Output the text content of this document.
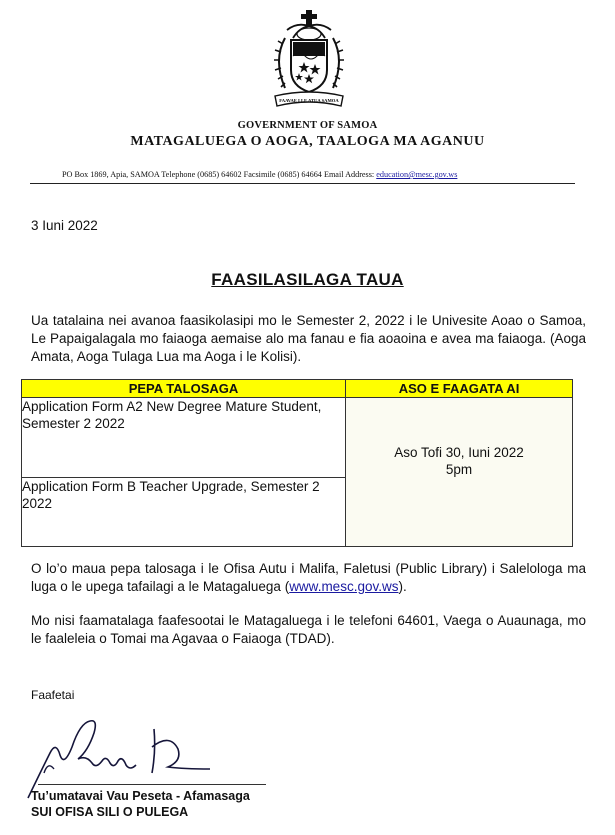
FAAVAE I LE ATUA SAMOA
GOVERNMENT OF SAMOA
MATAGALUEGA O AOGA, TAALOGA MA AGANUU
PO Box 1869, Apia, SAMOA Telephone (0685) 64602 Facsimile (0685) 64664 Email Address: education@mesc.gov.ws
3 Iuni 2022
FAASILASILAGA TAUA
Ua tatalaina nei avanoa faasikolasipi mo le Semester 2, 2022 i le Univesite Aoao o Samoa, Le Papaigalagala mo faiaoga aemaise alo ma fanau e fia aoaoina e avea ma faiaoga. (Aoga Amata, Aoga Tulaga Lua ma Aoga i le Kolisi).
PEPA TALOSAGA	ASO E FAAGATA AI
Application Form A2 New Degree Mature Student, Semester 2 2022	Aso Tofi 30, Iuni 2022
5pm

Application Form B Teacher Upgrade, Semester 2 2022	
O lo’o maua pepa talosaga i le Ofisa Autu i Malifa, Faletusi (Public Library) i Salelologa ma luga o le upega tafailagi a le Matagaluega (www.mesc.gov.ws).
Mo nisi faamatalaga faafesootai le Matagaluega i le telefoni 64601, Vaega o Auaunaga, mo le faaleleia o Tomai ma Agavaa o Faiaoga (TDAD).
Faafetai
Tu’umatavai Vau Peseta - Afamasaga
SUI OFISA SILI O PULEGA
